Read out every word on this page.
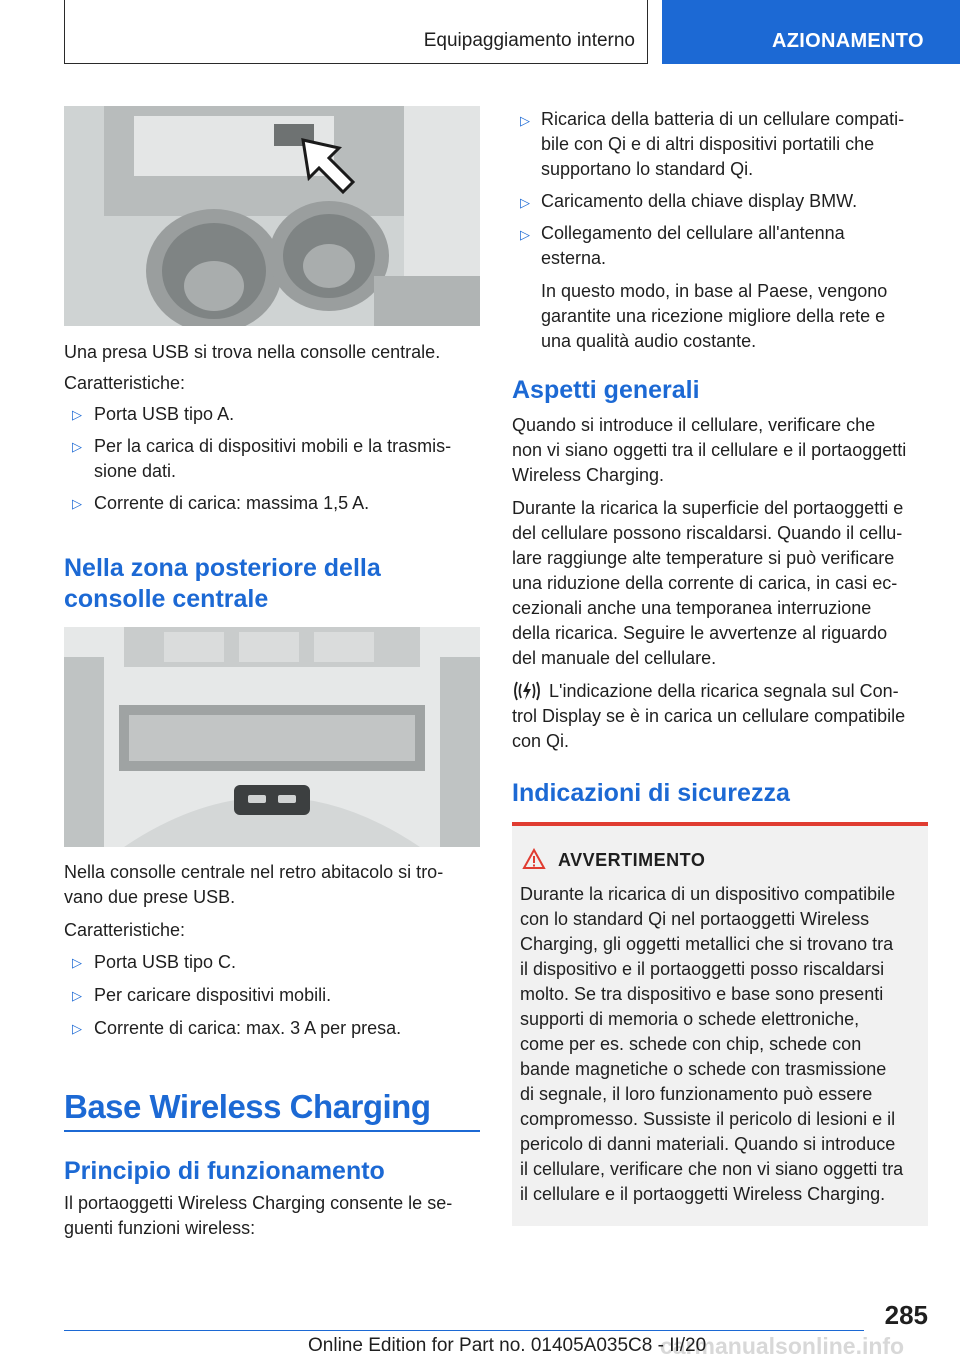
Equipaggiamento interno	AZIONAMENTO
Una presa USB si trova nella consolle centrale.
Caratteristiche:
▷ Porta USB tipo A.
▷ Per la carica di dispositivi mobili e la trasmis-
sione dati.
▷ Corrente di carica: massima 1,5 A.
Nella zona posteriore della
consolle centrale
Nella consolle centrale nel retro abitacolo si tro-
vano due prese USB.
Caratteristiche:
▷ Porta USB tipo C.
▷ Per caricare dispositivi mobili.
▷ Corrente di carica: max. 3 A per presa.
Base Wireless Charging
Principio di funzionamento
Il portaoggetti Wireless Charging consente le se-
guenti funzioni wireless:
▷ Ricarica della batteria di un cellulare compati-
bile con Qi e di altri dispositivi portatili che
supportano lo standard Qi.
▷ Caricamento della chiave display BMW.
▷ Collegamento del cellulare all'antenna
esterna.
In questo modo, in base al Paese, vengono
garantite una ricezione migliore della rete e
una qualità audio costante.
Aspetti generali
Quando si introduce il cellulare, verificare che
non vi siano oggetti tra il cellulare e il portaoggetti
Wireless Charging.
Durante la ricarica la superficie del portaoggetti e
del cellulare possono riscaldarsi. Quando il cellu-
lare raggiunge alte temperature si può verificare
una riduzione della corrente di carica, in casi ec-
cezionali anche una temporanea interruzione
della ricarica. Seguire le avvertenze al riguardo
del manuale del cellulare.
L'indicazione della ricarica segnala sul Con-
trol Display se è in carica un cellulare compatibile
con Qi.
Indicazioni di sicurezza
AVVERTIMENTO
Durante la ricarica di un dispositivo compatibile
con lo standard Qi nel portaoggetti Wireless
Charging, gli oggetti metallici che si trovano tra
il dispositivo e il portaoggetti posso riscaldarsi
molto. Se tra dispositivo e base sono presenti
supporti di memoria o schede elettroniche,
come per es. schede con chip, schede con
bande magnetiche o schede con trasmissione
di segnale, il loro funzionamento può essere
compromesso. Sussiste il pericolo di lesioni e il
pericolo di danni materiali. Quando si introduce
il cellulare, verificare che non vi siano oggetti tra
il cellulare e il portaoggetti Wireless Charging.
285
carmanualsonline.info
Online Edition for Part no. 01405A035C8 - II/20
